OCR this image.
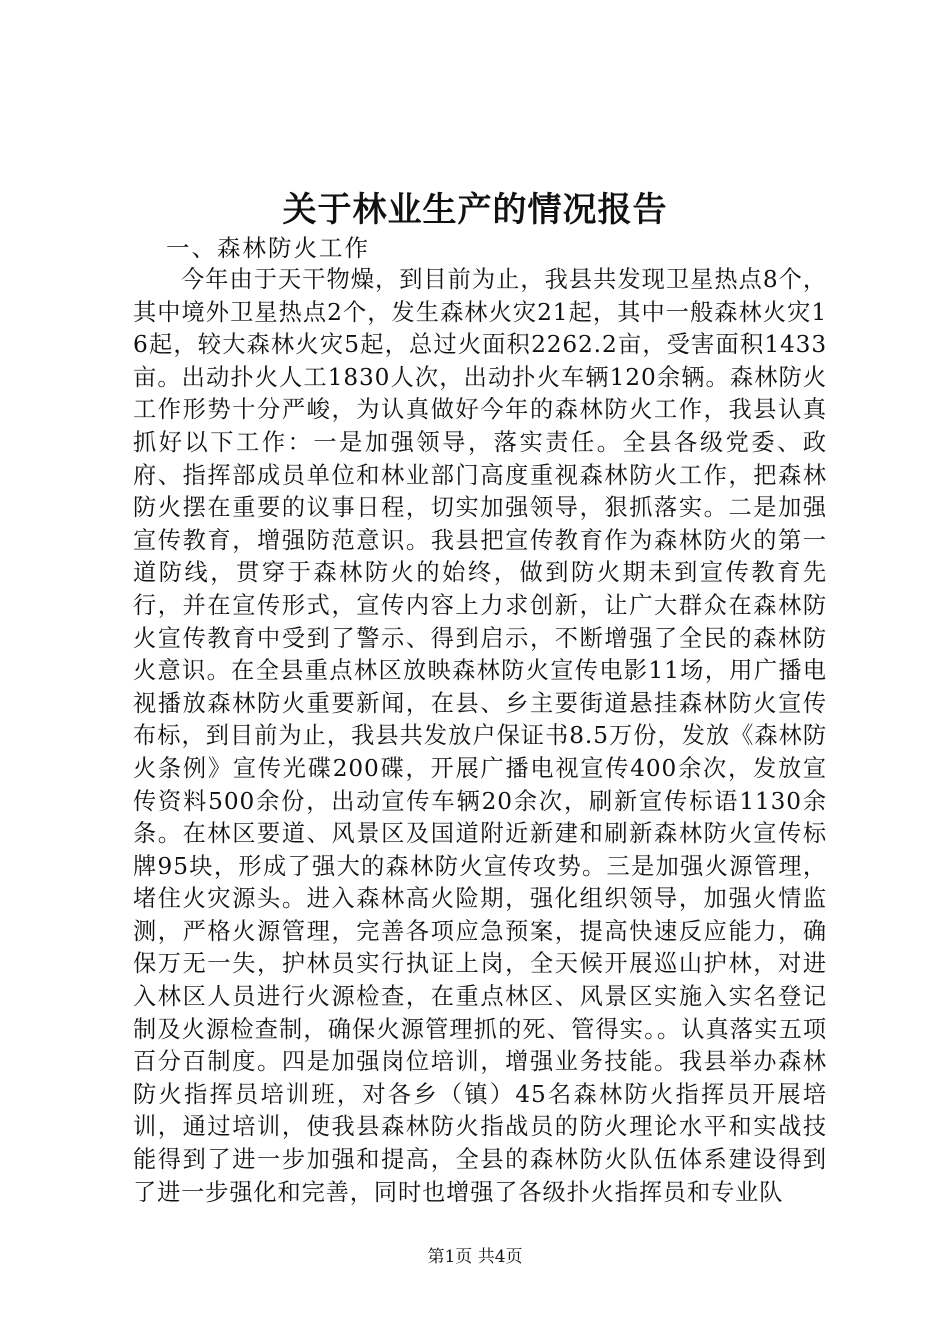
关于林业生产的情况报告

一、森林防火工作

今年由于天干物燥，到目前为止，我县共发现卫星热点8个，其中境外卫星热点2个，发生森林火灾21起，其中一般森林火灾16起，较大森林火灾5起，总过火面积2262.2亩，受害面积1433亩。出动扑火人工1830人次，出动扑火车辆120余辆。森林防火工作形势十分严峻，为认真做好今年的森林防火工作，我县认真抓好以下工作：一是加强领导，落实责任。全县各级党委、政府、指挥部成员单位和林业部门高度重视森林防火工作，把森林防火摆在重要的议事日程，切实加强领导，狠抓落实。二是加强宣传教育，增强防范意识。我县把宣传教育作为森林防火的第一道防线，贯穿于森林防火的始终，做到防火期未到宣传教育先行，并在宣传形式，宣传内容上力求创新，让广大群众在森林防火宣传教育中受到了警示、得到启示，不断增强了全民的森林防火意识。在全县重点林区放映森林防火宣传电影11场，用广播电视播放森林防火重要新闻，在县、乡主要街道悬挂森林防火宣传布标，到目前为止，我县共发放户保证书8.5万份，发放《森林防火条例》宣传光碟200碟，开展广播电视宣传400余次，发放宣传资料500余份，出动宣传车辆20余次，刷新宣传标语1130余条。在林区要道、风景区及国道附近新建和刷新森林防火宣传标牌95块，形成了强大的森林防火宣传攻势。三是加强火源管理，堵住火灾源头。进入森林高火险期，强化组织领导，加强火情监测，严格火源管理，完善各项应急预案，提高快速反应能力，确保万无一失，护林员实行执证上岗，全天候开展巡山护林，对进入林区人员进行火源检查，在重点林区、风景区实施入实名登记制及火源检查制，确保火源管理抓的死、管得实。。认真落实五项百分百制度。四是加强岗位培训，增强业务技能。我县举办森林防火指挥员培训班，对各乡（镇）45名森林防火指挥员开展培训，通过培训，使我县森林防火指战员的防火理论水平和实战技能得到了进一步加强和提高，全县的森林防火队伍体系建设得到了进一步强化和完善，同时也增强了各级扑火指挥员和专业队

第1页 共4页
